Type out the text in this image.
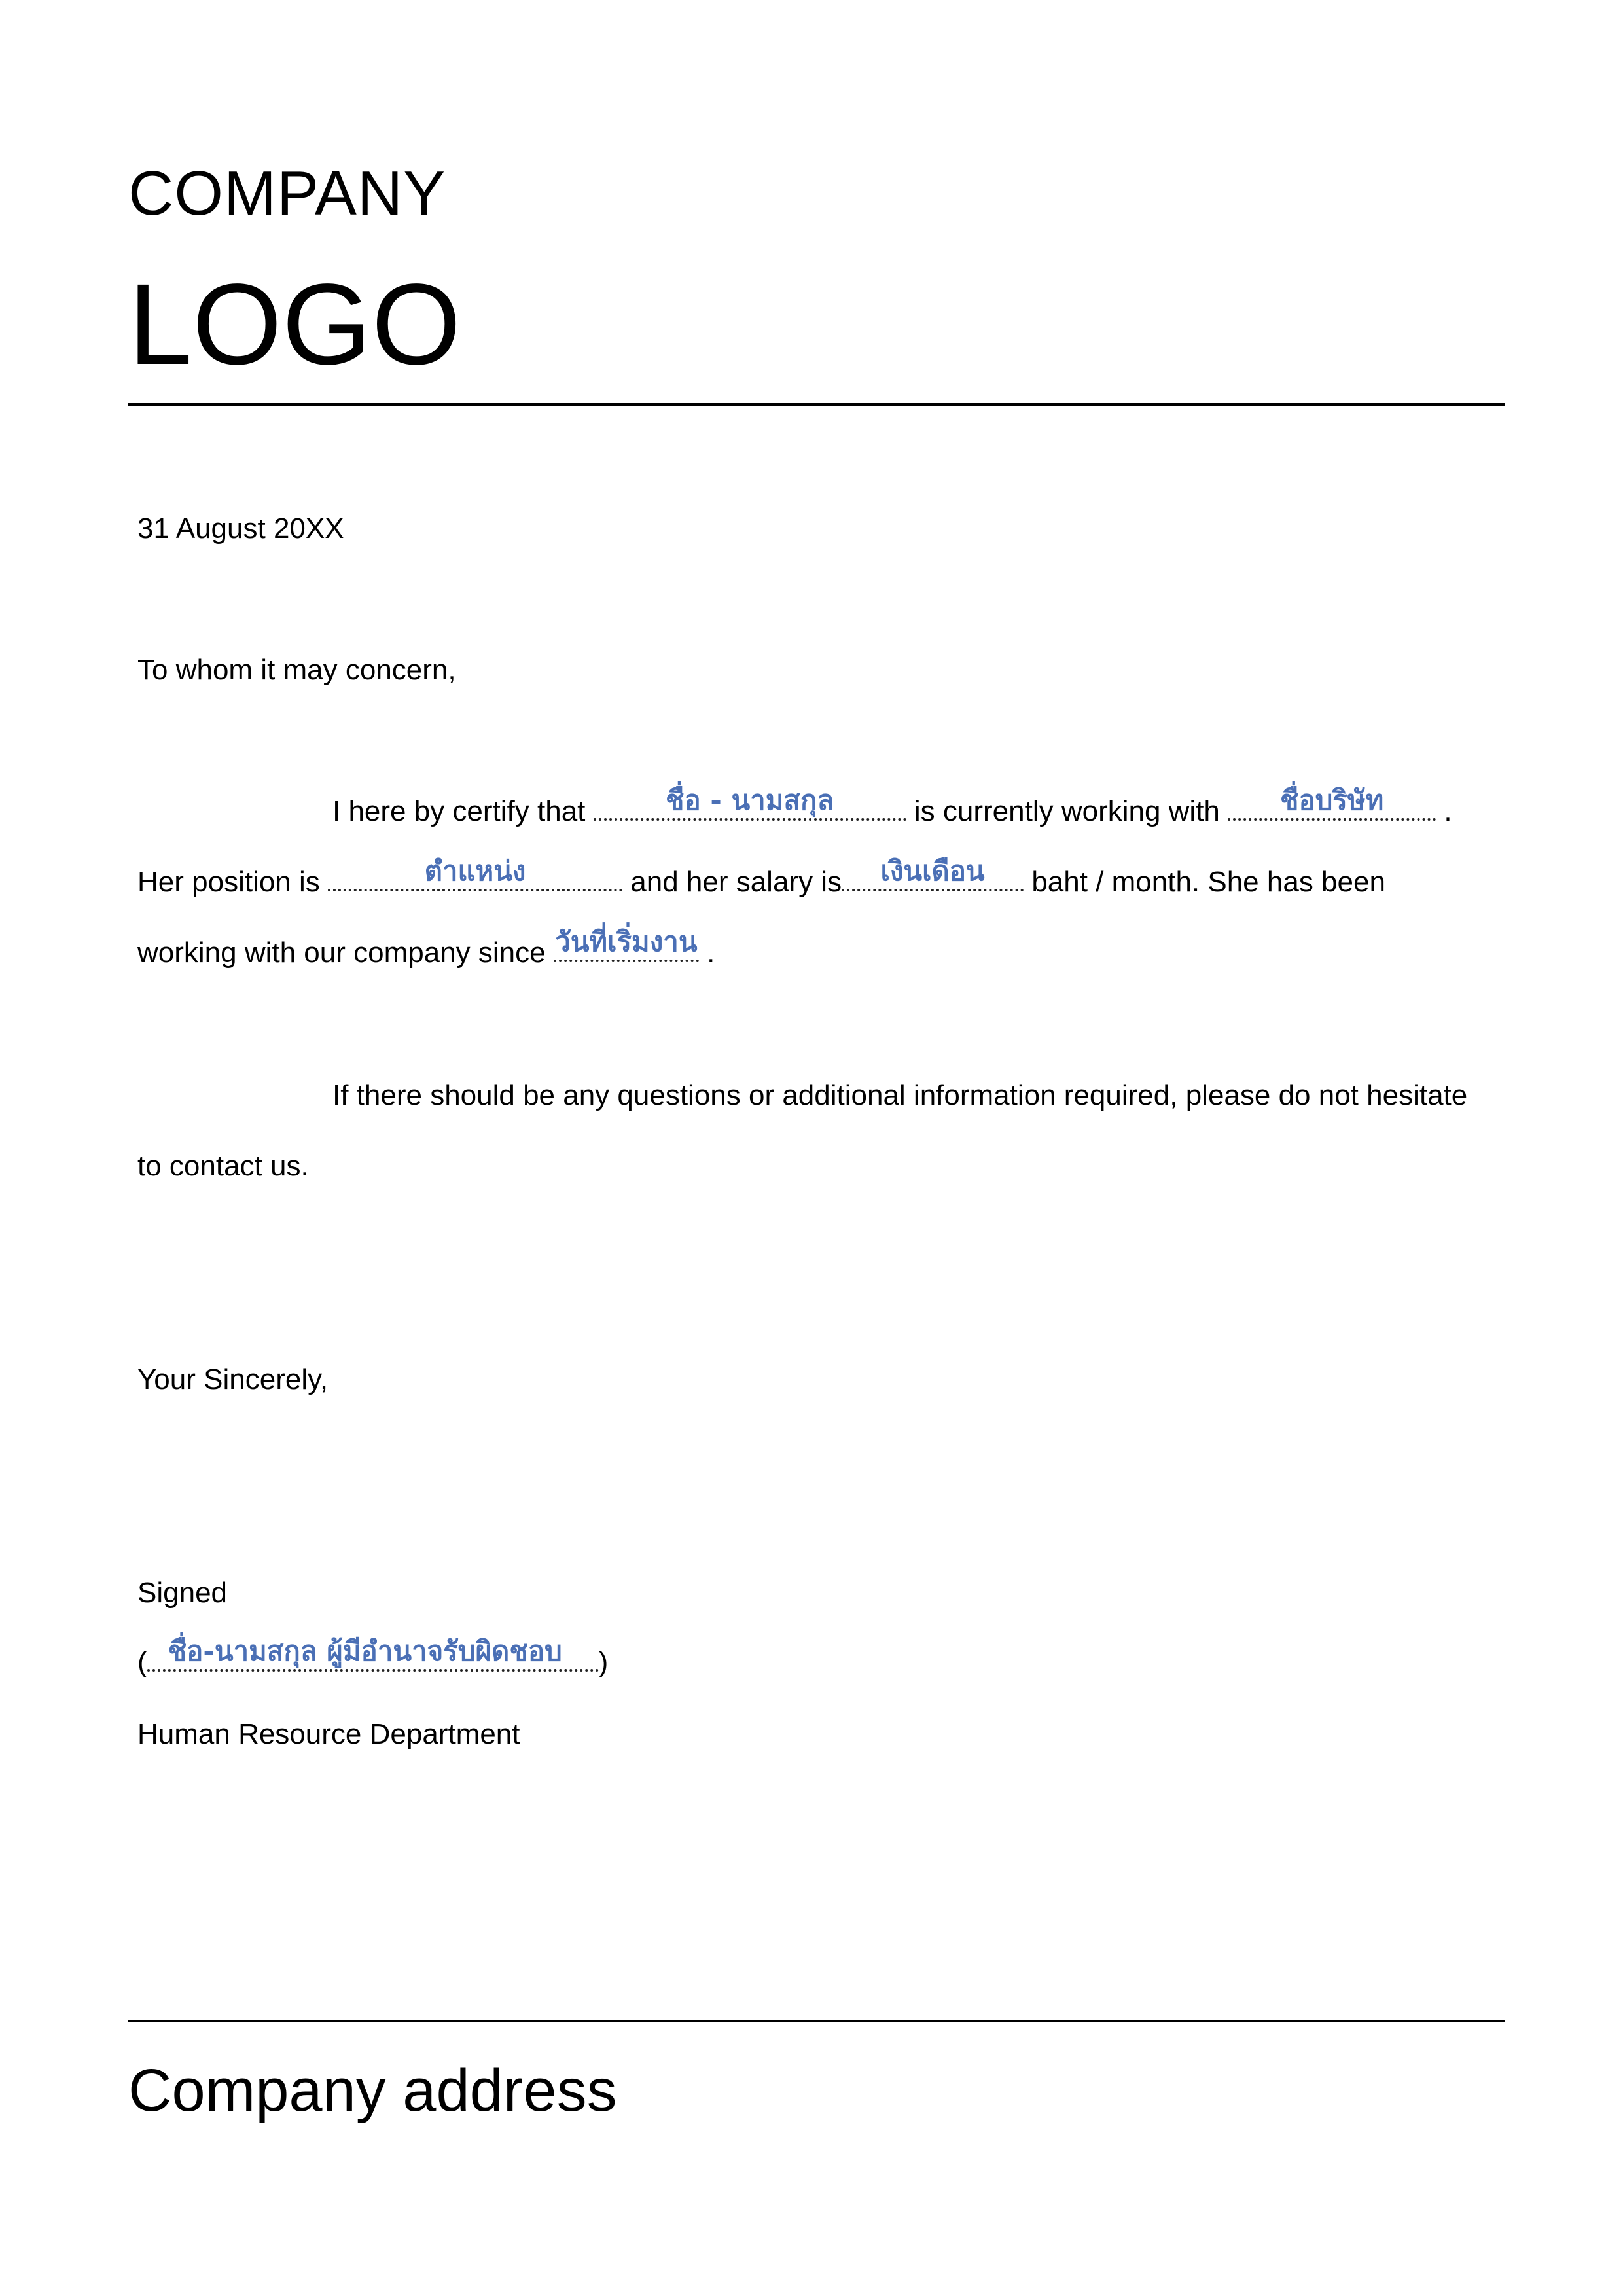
COMPANY
LOGO
31 August 20XX
To whom it may concern,
I here by certify that	ชื่อ - นามสกุล	is currently working with	ชื่อบริษัท	.
Her position is	ตำแหน่ง	and her salary is	เงินเดือน	baht / month. She has been
working with our company since วันที่เริ่มงาน .
If there should be any questions or additional information required, please do not hesitate
to contact us.
Your Sincerely,
Signed
( ชื่อ-นามสกุล ผู้มีอำนาจรับผิดชอบ	)
Human Resource Department
Company address
